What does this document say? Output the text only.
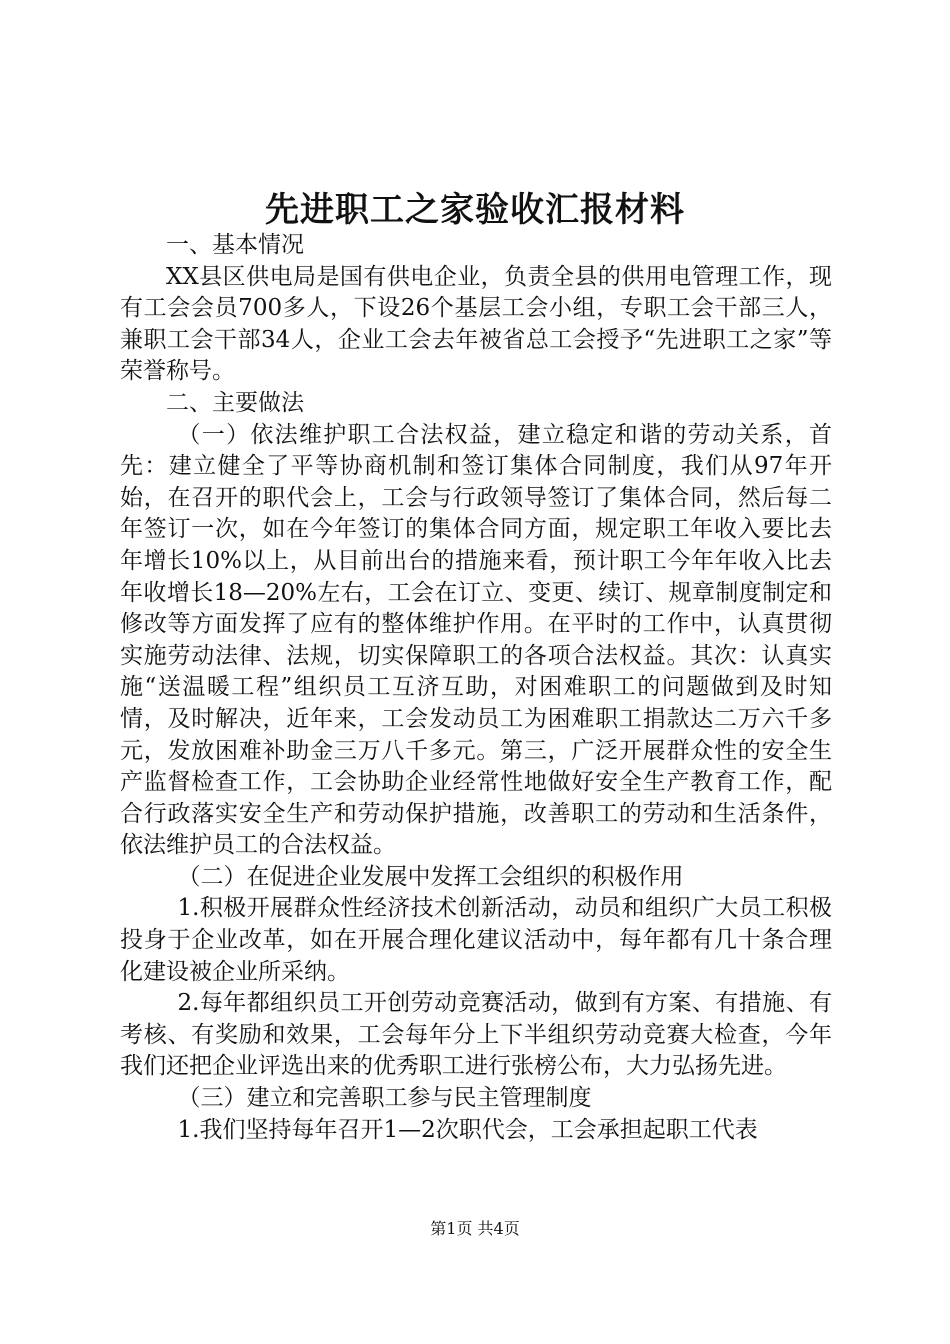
先进职工之家验收汇报材料

一、基本情况

XX县区供电局是国有供电企业，负责全县的供用电管理工作，现有工会会员700多人，下设26个基层工会小组，专职工会干部三人，兼职工会干部34人，企业工会去年被省总工会授予“先进职工之家”等荣誉称号。

二、主要做法

（一）依法维护职工合法权益，建立稳定和谐的劳动关系，首先：建立健全了平等协商机制和签订集体合同制度，我们从97年开始，在召开的职代会上，工会与行政领导签订了集体合同，然后每二年签订一次，如在今年签订的集体合同方面，规定职工年收入要比去年增长10%以上，从目前出台的措施来看，预计职工今年年收入比去年收增长18—20%左右，工会在订立、变更、续订、规章制度制定和修改等方面发挥了应有的整体维护作用。在平时的工作中，认真贯彻实施劳动法律、法规，切实保障职工的各项合法权益。其次：认真实施“送温暖工程”组织员工互济互助，对困难职工的问题做到及时知情，及时解决，近年来，工会发动员工为困难职工捐款达二万六千多元，发放困难补助金三万八千多元。第三，广泛开展群众性的安全生产监督检查工作，工会协助企业经常性地做好安全生产教育工作，配合行政落实安全生产和劳动保护措施，改善职工的劳动和生活条件，依法维护员工的合法权益。

（二）在促进企业发展中发挥工会组织的积极作用

1.积极开展群众性经济技术创新活动，动员和组织广大员工积极投身于企业改革，如在开展合理化建议活动中，每年都有几十条合理化建设被企业所采纳。

2.每年都组织员工开创劳动竞赛活动，做到有方案、有措施、有考核、有奖励和效果，工会每年分上下半组织劳动竞赛大检查，今年我们还把企业评选出来的优秀职工进行张榜公布，大力弘扬先进。

（三）建立和完善职工参与民主管理制度

1.我们坚持每年召开1—2次职代会，工会承担起职工代表

第1页 共4页
